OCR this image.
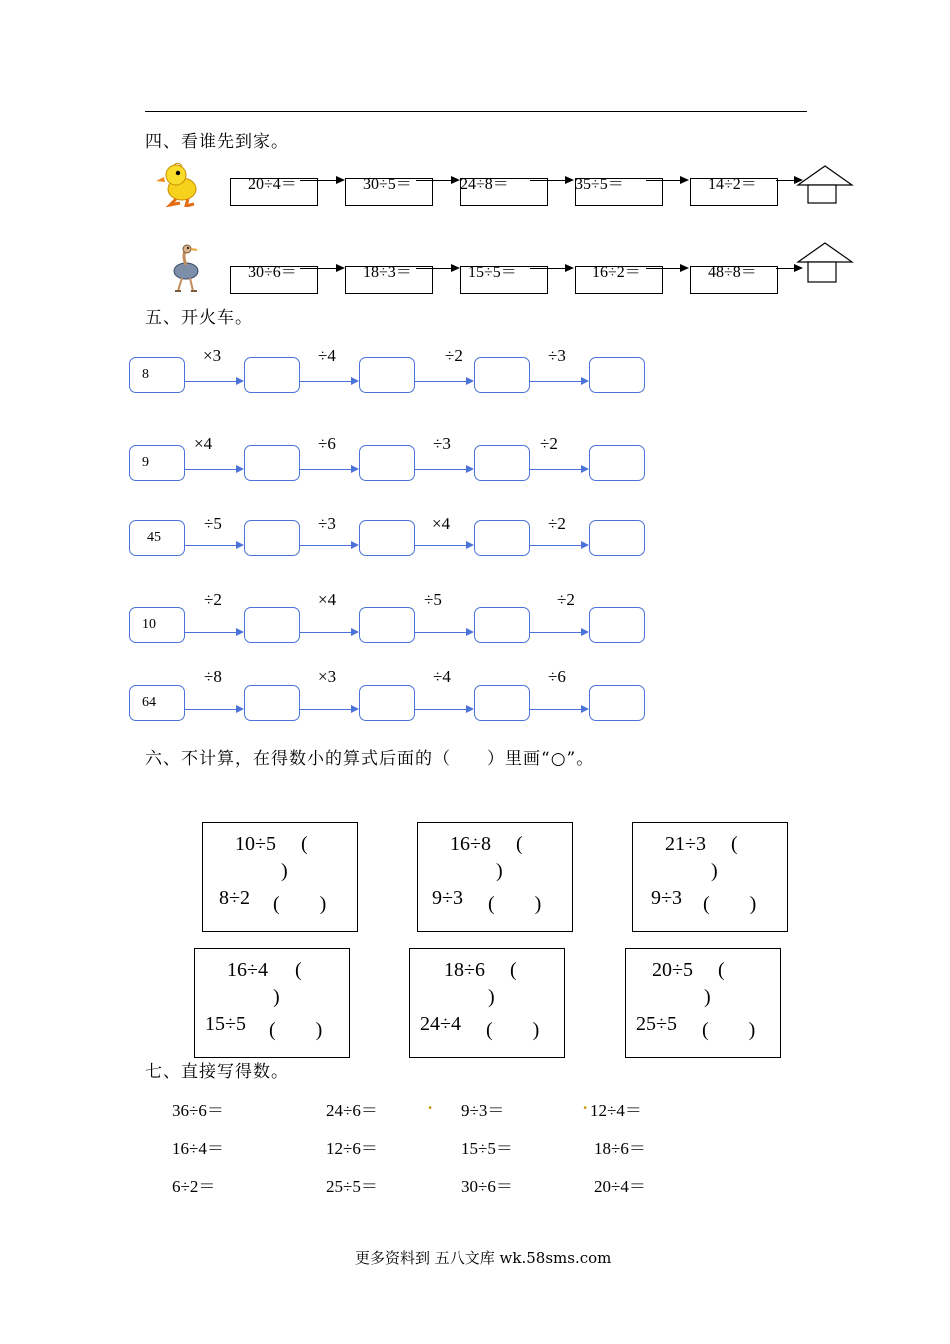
四、看谁先到家。
20÷4＝	30÷5＝	24÷8＝	35÷5＝	14÷2＝
30÷6＝	18÷3＝	15÷5＝	16÷2＝	48÷8＝
五、开火车。
8
×3	÷4	÷2	÷3
9
×4	÷6	÷3	÷2
45
÷5	÷3	×4	÷2
10
÷2	×4	÷5	÷2
64
÷8	×3	÷4	÷6
六、不计算，在得数小的算式后面的（　　）里画“○”。
10÷5 (
)
8÷2 (　　)
16÷8 (
)
9÷3 (　　)
21÷3 (
)
9÷3 (　　)
16÷4 (
)
15÷5 (　　)
18÷6 (
)
24÷4 (　　)
20÷5 (
)
25÷5 (　　)
七、直接写得数。
36÷6＝	24÷6＝	. 9÷3＝	. 12÷4＝
16÷4＝	12÷6＝	15÷5＝	18÷6＝
6÷2＝	25÷5＝	30÷6＝	20÷4＝
更多资料到 五八文库 wk.58sms.com
